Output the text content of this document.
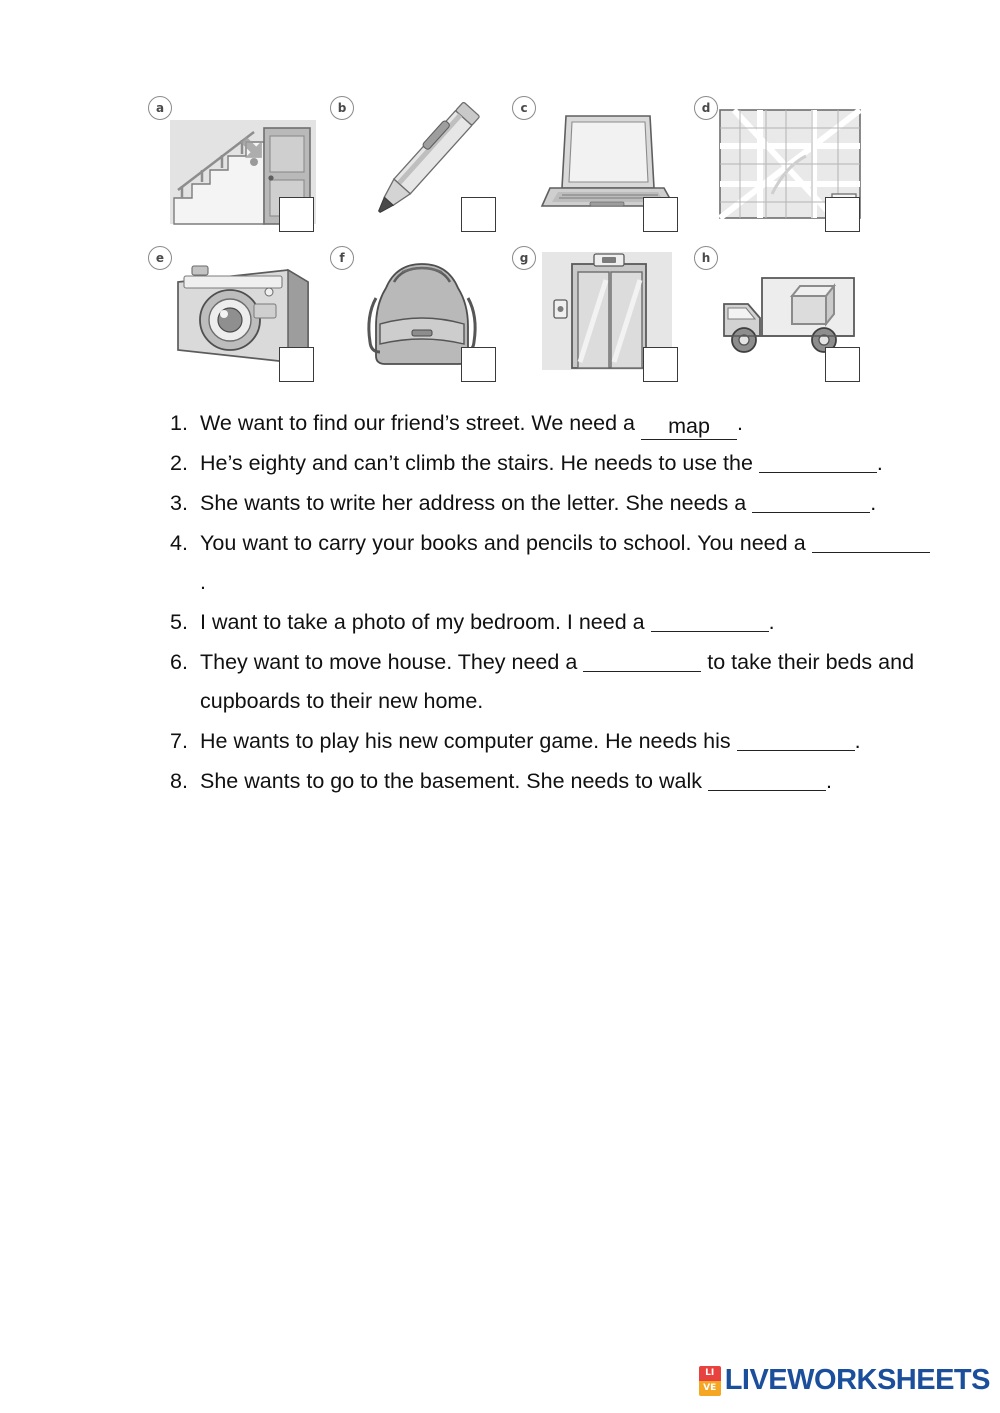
a	b	c	d
e	f	g	h
1. We want to find our friend’s street. We need a map .
2. He’s eighty and can’t climb the stairs. He needs to use the	.
3. She wants to write her address on the letter. She needs a	.
4. You want to carry your books and pencils to school. You need a .
5. I want to take a photo of my bedroom. I need a	.
6. They want to move house. They need a	to take their beds and cupboards to their new home.
7. He wants to play his new computer game. He needs his	.
8. She wants to go to the basement. She needs to walk	.
LI
VE LIVEWORKSHEETS
